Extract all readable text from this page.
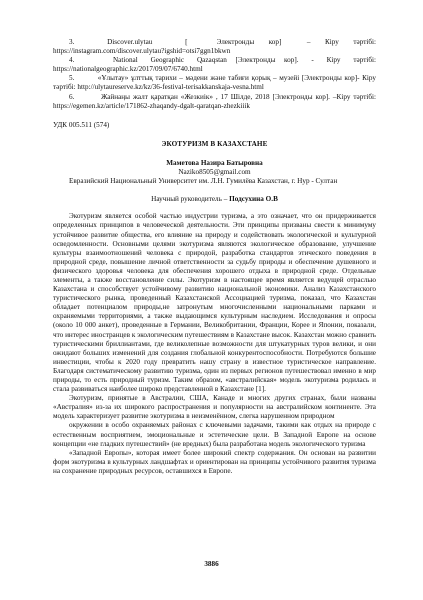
3.         Discover.ulytau         [        Электронды    кор]       –    Кіру    тәртібі: https://instagram.com/discover.ulytau?igshid=otsi7ggn1bkwn

4.         National   Geographic   Qazaqstan  [Электронды  кор].   -   Кіру   тәртібі: https://nationalgeographic.kz/2017/09/07/6740.html

5.         «Ұлытау» ұлттық тарихи – мәдени және табиғи қорық – музейі [Электронды кор]- Кіру тәртібі: http://ulytaureserve.kz/kz/36-festival-terisakkanskaja-vesna.html

6.         Жайнаңы жалт қаратқан «Жезкиік» , 17 Шілде, 2018 [Электронды кор]. –Кіру тәртібі: https://egemen.kz/article/171862-zhaqandy-dgalt-qaratqan-zhezkiiik

УДК 005.511 (574)
ЭКОТУРИЗМ В КАЗАХСТАНЕ
Маметова Назира Батыровна
Naziko8505@gmail.com
Евразийский Национальный Университет им. Л.Н. Гумилёва Казахстан, г. Нур - Султан
Научный руководитель – Подсухина О.В

Экотуризм является особой частью индустрии туризма, а это означает, что он придерживается определенных принципов в человеческой деятельности. Эти принципы призваны свести к минимуму устойчивое развитие общества, его влияние на природу и содействовать экологической и культурной осведомленности. Основными целями экотуризма являются экологическое образование, улучшение культуры взаимоотношений человека с природой, разработка стандартов этического поведения в природной среде, повышение личной ответственности за судьбу природы и обеспечение душевного и физического здоровья человека для обеспечения хорошего отдыха в природной среде. Отдельные элементы, а также восстановление силы. Экотуризм в настоящее время является ведущей отраслью Казахстана и способствует устойчивому развитию национальной экономики. Анализ Казахстанского туристического рынка, проведенный Казахстанской Ассоциацией туризма, показал, что Казахстан обладает потенциалом природы,не затронутым многочисленными национальными парками и охраняемыми территориями, а также выдающимся культурным наследием. Исследования и опросы (около 10 000 анкет), проведенные в Германии, Великобритании, Франции, Корее и Японии, показали, что интерес иностранцев к экологическим путешествиям в Казахстане высок. Казахстан можно сравнить туристическими бриллиантами, где великолепные возможности для штукатурных туров велики, и они ожидают больших изменений для создания глобальной конкурентоспособности. Потребуются большие инвестиции, чтобы к 2020 году превратить нашу страну в известное туристическое направление. Благодаря систематическому развитию туризма, один из первых регионов путешествовал именно в мир природы, то есть природный туризм. Таким образом, «австралийская» модель экотуризма родилась и стала развиваться наиболее широко представленной в Казахстане [1].

Экотуризм, принятые в Австралии, США, Канаде и многих других странах, были названы «Австралия» из-за их широкого распространения и популярности на австралийском континенте. Эта модель характеризует развитие экотуризма в неизменённом, слегка нарушенном природном

окружении в особо охраняемых районах с ключевыми задачами, такими как отдых на природе с естественным восприятием, эмоциональные и эстетические цели. В Западной Европе на основе концепции «не гладких путешествий» (не вредных) была разработана модель экологического туризма

«Западной Европы», которая имеет более широкий спектр содержания. Он основан на развитии форм экотуризма в культурных ландшафтах и ориентирован на принципы устойчивого развития туризма на сохранение природных ресурсов, оставшихся в Европе.

3886
